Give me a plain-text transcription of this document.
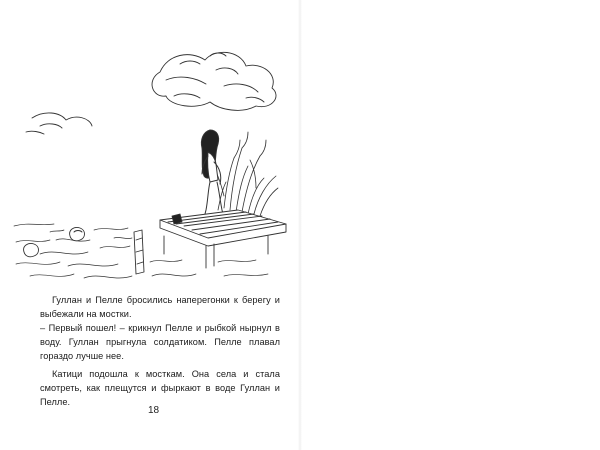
Гуллан и Пелле бросились наперегонки к берегу и выбежали на мостки.
– Первый пошел! – крикнул Пелле и рыбкой нырнул в воду. Гуллан прыгнула солдатиком. Пелле плавал гораздо лучше нее.
Катици подошла к мосткам. Она села и стала смотреть, как плещутся и фыркают в воде Гуллан и Пелле.
18
